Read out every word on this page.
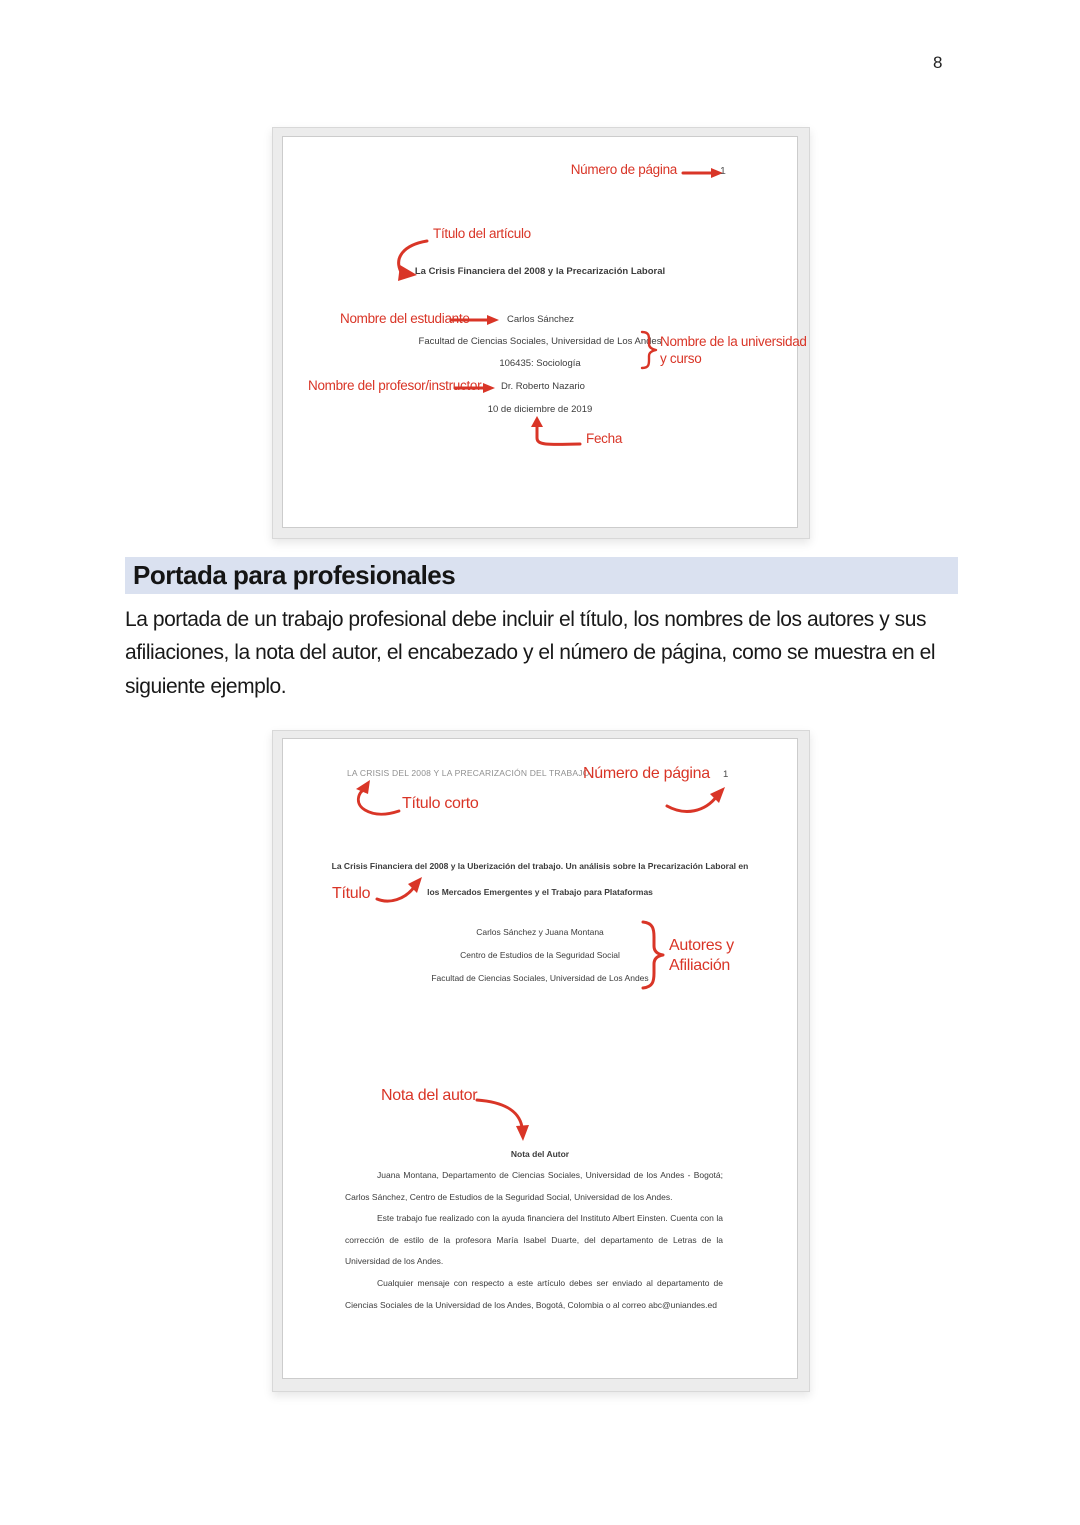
8
Número de página	1
Título del artículo
La Crisis Financiera del 2008 y la Precarización Laboral
Nombre del estudiante	Carlos Sánchez
Facultad de Ciencias Sociales, Universidad de Los Andes
Nombre de la universidad
y curso
106435: Sociología
Nombre del profesor/instructor Dr. Roberto Nazario
10 de diciembre de 2019
Fecha
Portada para profesionales
La portada de un trabajo profesional debe incluir el título, los nombres de los autores y sus afiliaciones, la nota del autor, el encabezado y el número de página, como se muestra en el siguiente ejemplo.
LA CRISIS DEL 2008 Y LA PRECARIZACIÓN DEL TRABAJO
Número de página 1
Título corto
La Crisis Financiera del 2008 y la Uberización del trabajo. Un análisis sobre la Precarización Laboral en
los Mercados Emergentes y el Trabajo para Plataformas
Título
Carlos Sánchez y Juana Montana
Centro de Estudios de la Seguridad Social
Facultad de Ciencias Sociales, Universidad de Los Andes
Autores y
Afiliación
Nota del autor
Nota del Autor

Juana Montana, Departamento de Ciencias Sociales, Universidad de los Andes - Bogotá; Carlos Sánchez, Centro de Estudios de la Seguridad Social, Universidad de los Andes.

Este trabajo fue realizado con la ayuda financiera del Instituto Albert Einsten. Cuenta con la corrección de estilo de la profesora María Isabel Duarte, del departamento de Letras de la Universidad de los Andes.

Cualquier mensaje con respecto a este artículo debes ser enviado al departamento de Ciencias Sociales de la Universidad de los Andes, Bogotá, Colombia o al correo abc@uniandes.ed
